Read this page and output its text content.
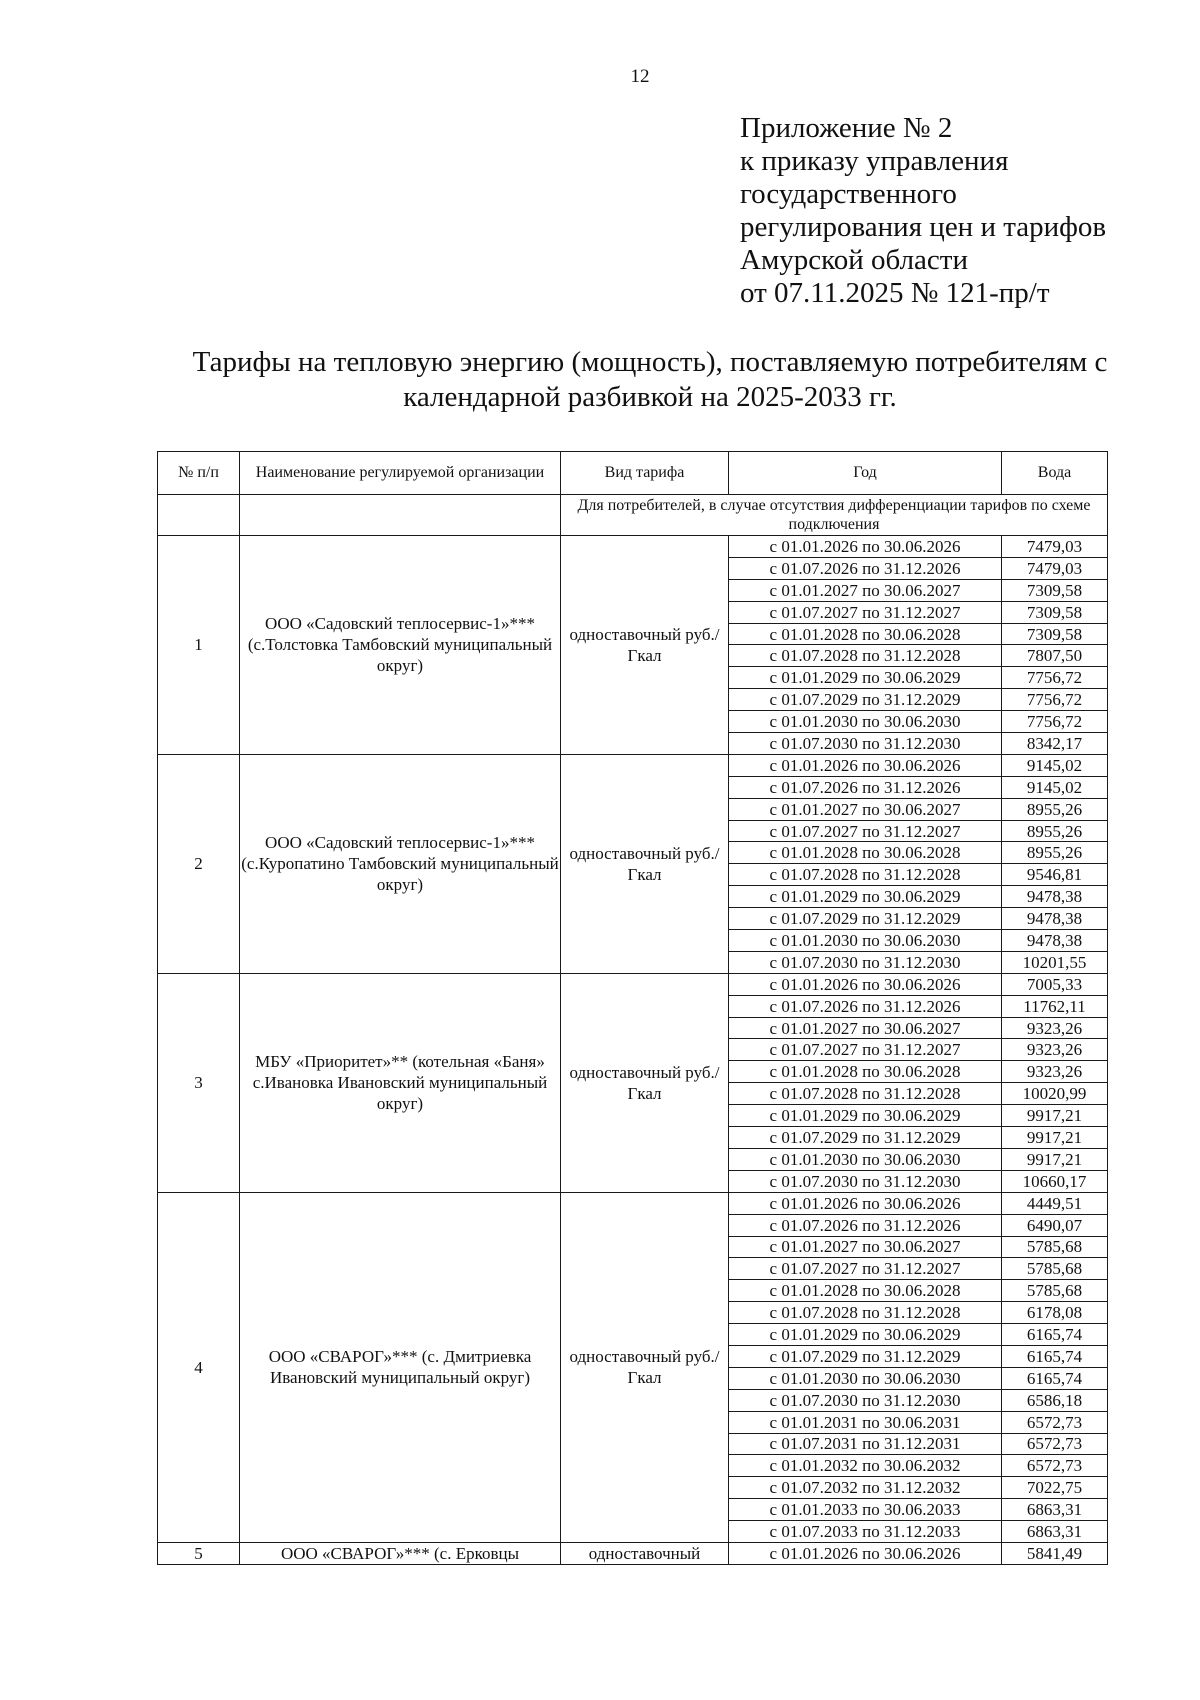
12
Приложение № 2
к приказу управления
государственного
регулирования цен и тарифов
Амурской области
от 07.11.2025 № 121-пр/т
Тарифы на тепловую энергию (мощность), поставляемую потребителям с
календарной разбивкой на 2025-2033 гг.
№ п/п	Наименование регулируемой организации	Вид тарифа	Год	Вода
		Для потребителей, в случае отсутствия дифференциации тарифов по схеме подключения		
1	ООО «Садовский теплосервис-1»*** (с.Толстовка Тамбовский муниципальный округ)	одноставочный руб./Гкал	с 01.01.2026 по 30.06.2026	7479,03
			с 01.07.2026 по 31.12.2026	7479,03
			с 01.01.2027 по 30.06.2027	7309,58
			с 01.07.2027 по 31.12.2027	7309,58
			с 01.01.2028 по 30.06.2028	7309,58
			с 01.07.2028 по 31.12.2028	7807,50
			с 01.01.2029 по 30.06.2029	7756,72
			с 01.07.2029 по 31.12.2029	7756,72
			с 01.01.2030 по 30.06.2030	7756,72
			с 01.07.2030 по 31.12.2030	8342,17
2	ООО «Садовский теплосервис-1»*** (с.Куропатино Тамбовский муниципальный округ)	одноставочный руб./Гкал	с 01.01.2026 по 30.06.2026	9145,02
			с 01.07.2026 по 31.12.2026	9145,02
			с 01.01.2027 по 30.06.2027	8955,26
			с 01.07.2027 по 31.12.2027	8955,26
			с 01.01.2028 по 30.06.2028	8955,26
			с 01.07.2028 по 31.12.2028	9546,81
			с 01.01.2029 по 30.06.2029	9478,38
			с 01.07.2029 по 31.12.2029	9478,38
			с 01.01.2030 по 30.06.2030	9478,38
			с 01.07.2030 по 31.12.2030	10201,55
3	МБУ «Приоритет»** (котельная «Баня» с.Ивановка Ивановский муниципальный округ)	одноставочный руб./Гкал	с 01.01.2026 по 30.06.2026	7005,33
			с 01.07.2026 по 31.12.2026	11762,11
			с 01.01.2027 по 30.06.2027	9323,26
			с 01.07.2027 по 31.12.2027	9323,26
			с 01.01.2028 по 30.06.2028	9323,26
			с 01.07.2028 по 31.12.2028	10020,99
			с 01.01.2029 по 30.06.2029	9917,21
			с 01.07.2029 по 31.12.2029	9917,21
			с 01.01.2030 по 30.06.2030	9917,21
			с 01.07.2030 по 31.12.2030	10660,17
4	ООО «СВАРОГ»*** (с. Дмитриевка Ивановский муниципальный округ)	одноставочный руб./Гкал	с 01.01.2026 по 30.06.2026	4449,51
			с 01.07.2026 по 31.12.2026	6490,07
			с 01.01.2027 по 30.06.2027	5785,68
			с 01.07.2027 по 31.12.2027	5785,68
			с 01.01.2028 по 30.06.2028	5785,68
			с 01.07.2028 по 31.12.2028	6178,08
			с 01.01.2029 по 30.06.2029	6165,74
			с 01.07.2029 по 31.12.2029	6165,74
			с 01.01.2030 по 30.06.2030	6165,74
			с 01.07.2030 по 31.12.2030	6586,18
			с 01.01.2031 по 30.06.2031	6572,73
			с 01.07.2031 по 31.12.2031	6572,73
			с 01.01.2032 по 30.06.2032	6572,73
			с 01.07.2032 по 31.12.2032	7022,75
			с 01.01.2033 по 30.06.2033	6863,31
			с 01.07.2033 по 31.12.2033	6863,31
5	ООО «СВАРОГ»*** (с. Ерковцы	одноставочный	с 01.01.2026 по 30.06.2026	5841,49
